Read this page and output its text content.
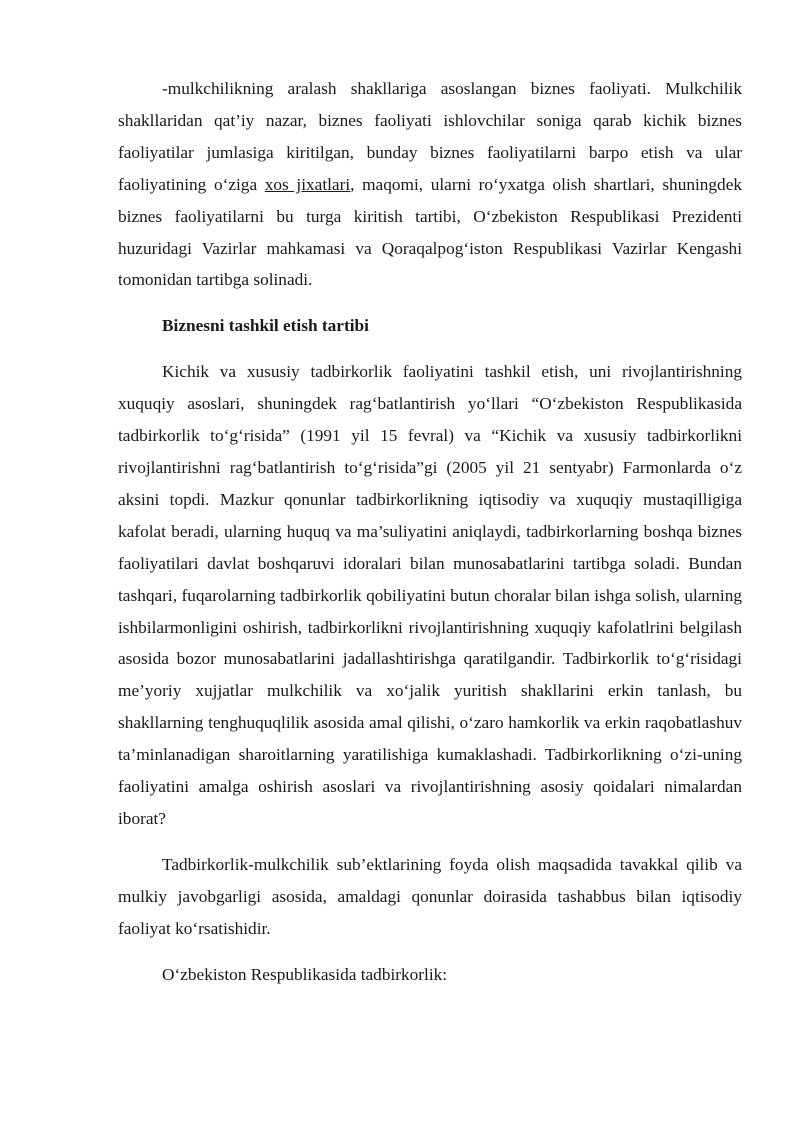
-mulkchilikning aralash shakllariga asoslangan biznes faoliyati. Mulkchilik shakllaridan qat’iy nazar, biznes faoliyati ishlovchilar soniga qarab kichik biznes faoliyatilar jumlasiga kiritilgan, bunday biznes faoliyatilarni barpo etish va ular faoliyatining o‘ziga xos jixatlari, maqomi, ularni ro‘yxatga olish shartlari, shuningdek biznes faoliyatilarni bu turga kiritish tartibi, O‘zbekiston Respublikasi Prezidenti huzuridagi Vazirlar mahkamasi va Qoraqalpog‘iston Respublikasi Vazirlar Kengashi tomonidan tartibga solinadi.

Biznesni tashkil etish tartibi

Kichik va xususiy tadbirkorlik faoliyatini tashkil etish, uni rivojlantirishning xuquqiy asoslari, shuningdek rag‘batlantirish yo‘llari “O‘zbekiston Respublikasida tadbirkorlik to‘g‘risida” (1991 yil 15 fevral) va “Kichik va xususiy tadbirkorlikni rivojlantirishni rag‘batlantirish to‘g‘risida”gi (2005 yil 21 sentyabr) Farmonlarda o‘z aksini topdi. Mazkur qonunlar tadbirkorlikning iqtisodiy va xuquqiy mustaqilligiga kafolat beradi, ularning huquq va ma’suliyatini aniqlaydi, tadbirkorlarning boshqa biznes faoliyatilari davlat boshqaruvi idoralari bilan munosabatlarini tartibga soladi. Bundan tashqari, fuqarolarning tadbirkorlik qobiliyatini butun choralar bilan ishga solish, ularning ishbilarmonligini oshirish, tadbirkorlikni rivojlantirishning xuquqiy kafolatlrini belgilash asosida bozor munosabatlarini jadallashtirishga qaratilgandir. Tadbirkorlik to‘g‘risidagi me’yoriy xujjatlar mulkchilik va xo‘jalik yuritish shakllarini erkin tanlash, bu shakllarning tenghuquqlilik asosida amal qilishi, o‘zaro hamkorlik va erkin raqobatlashuv ta’minlanadigan sharoitlarning yaratilishiga kumaklashadi. Tadbirkorlikning o‘zi-uning faoliyatini amalga oshirish asoslari va rivojlantirishning asosiy qoidalari nimalardan iborat?

Tadbirkorlik-mulkchilik sub’ektlarining foyda olish maqsadida tavakkal qilib va mulkiy javobgarligi asosida, amaldagi qonunlar doirasida tashabbus bilan iqtisodiy faoliyat ko‘rsatishidir.

O‘zbekiston Respublikasida tadbirkorlik:
